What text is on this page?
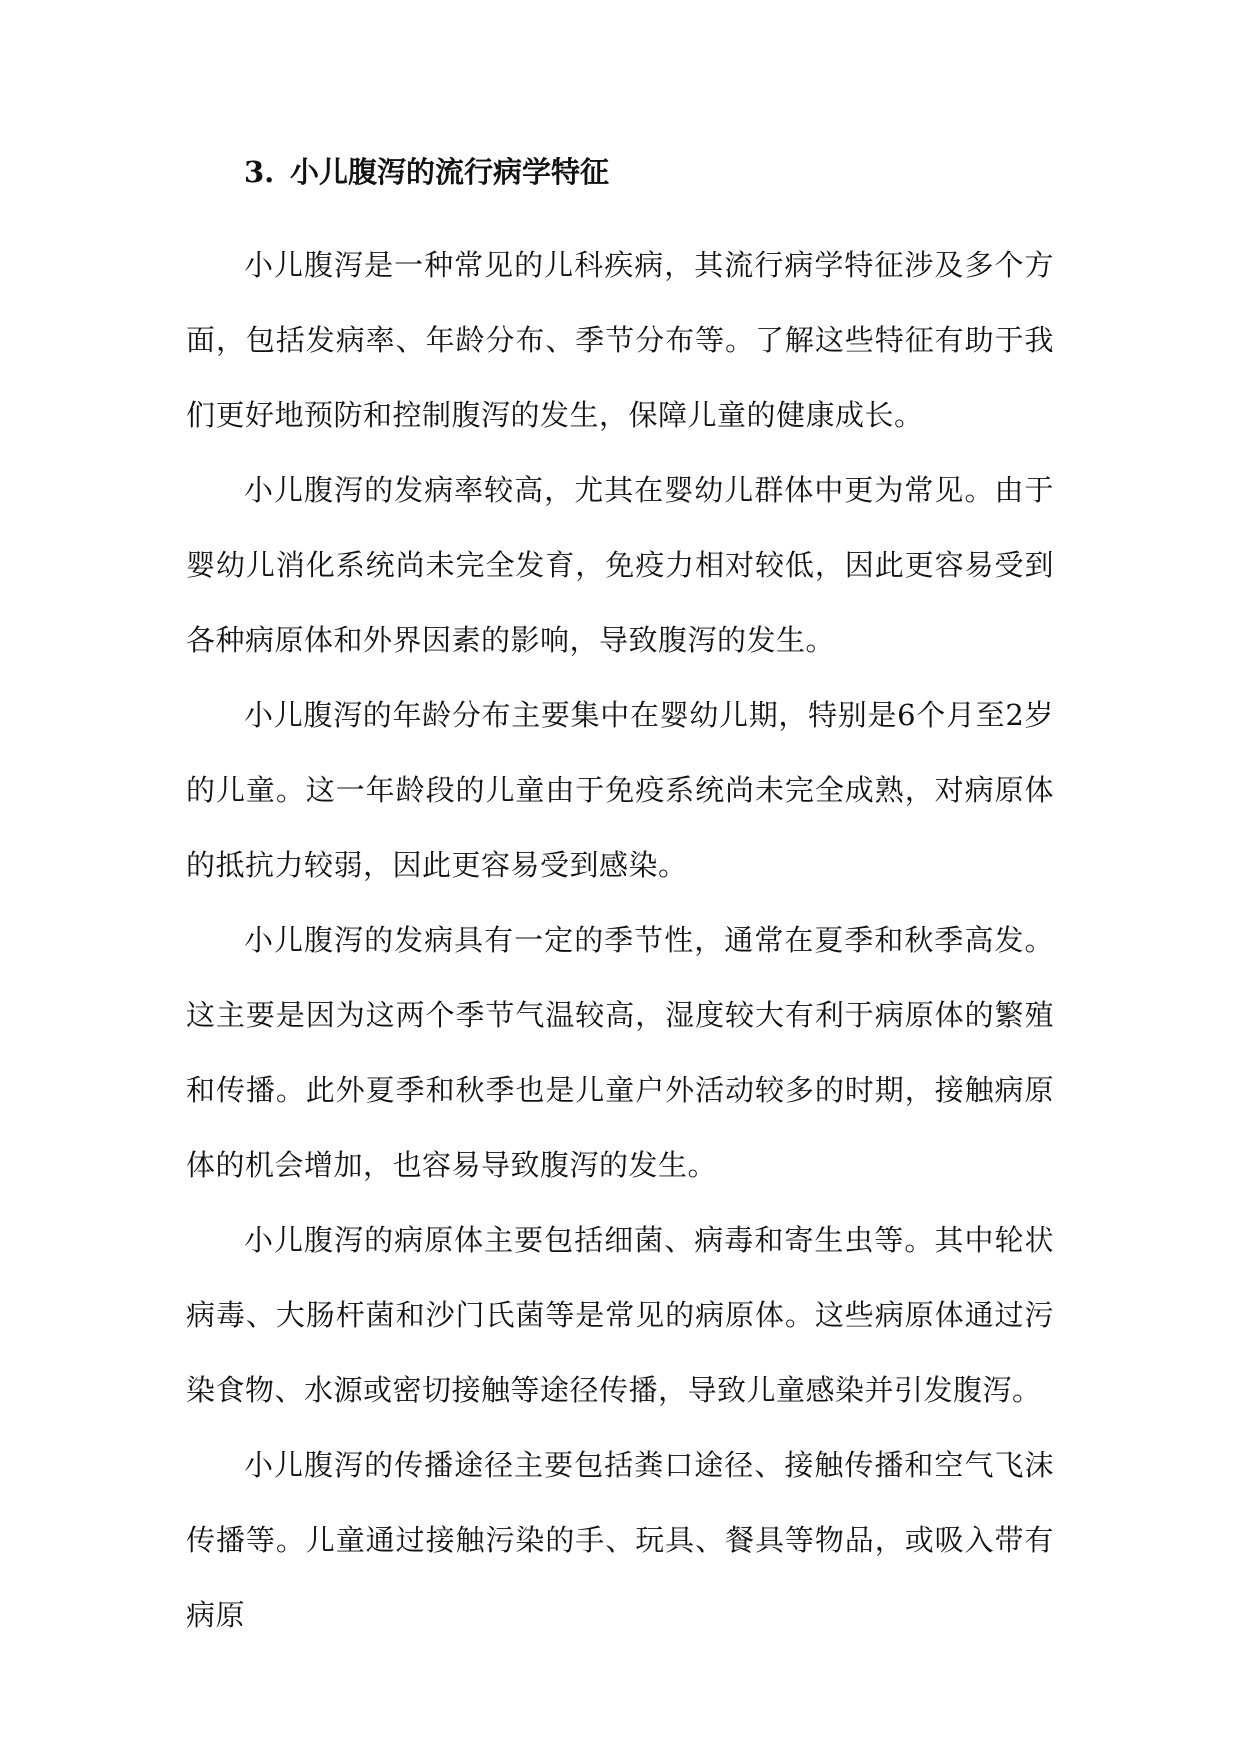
3. 小儿腹泻的流行病学特征

小儿腹泻是一种常见的儿科疾病，其流行病学特征涉及多个方面，包括发病率、年龄分布、季节分布等。了解这些特征有助于我们更好地预防和控制腹泻的发生，保障儿童的健康成长。

小儿腹泻的发病率较高，尤其在婴幼儿群体中更为常见。由于婴幼儿消化系统尚未完全发育，免疫力相对较低，因此更容易受到各种病原体和外界因素的影响，导致腹泻的发生。

小儿腹泻的年龄分布主要集中在婴幼儿期，特别是6个月至2岁的儿童。这一年龄段的儿童由于免疫系统尚未完全成熟，对病原体的抵抗力较弱，因此更容易受到感染。

小儿腹泻的发病具有一定的季节性，通常在夏季和秋季高发。这主要是因为这两个季节气温较高，湿度较大有利于病原体的繁殖和传播。此外夏季和秋季也是儿童户外活动较多的时期，接触病原体的机会增加，也容易导致腹泻的发生。

小儿腹泻的病原体主要包括细菌、病毒和寄生虫等。其中轮状病毒、大肠杆菌和沙门氏菌等是常见的病原体。这些病原体通过污染食物、水源或密切接触等途径传播，导致儿童感染并引发腹泻。

小儿腹泻的传播途径主要包括粪口途径、接触传播和空气飞沫传播等。儿童通过接触污染的手、玩具、餐具等物品，或吸入带有病原
